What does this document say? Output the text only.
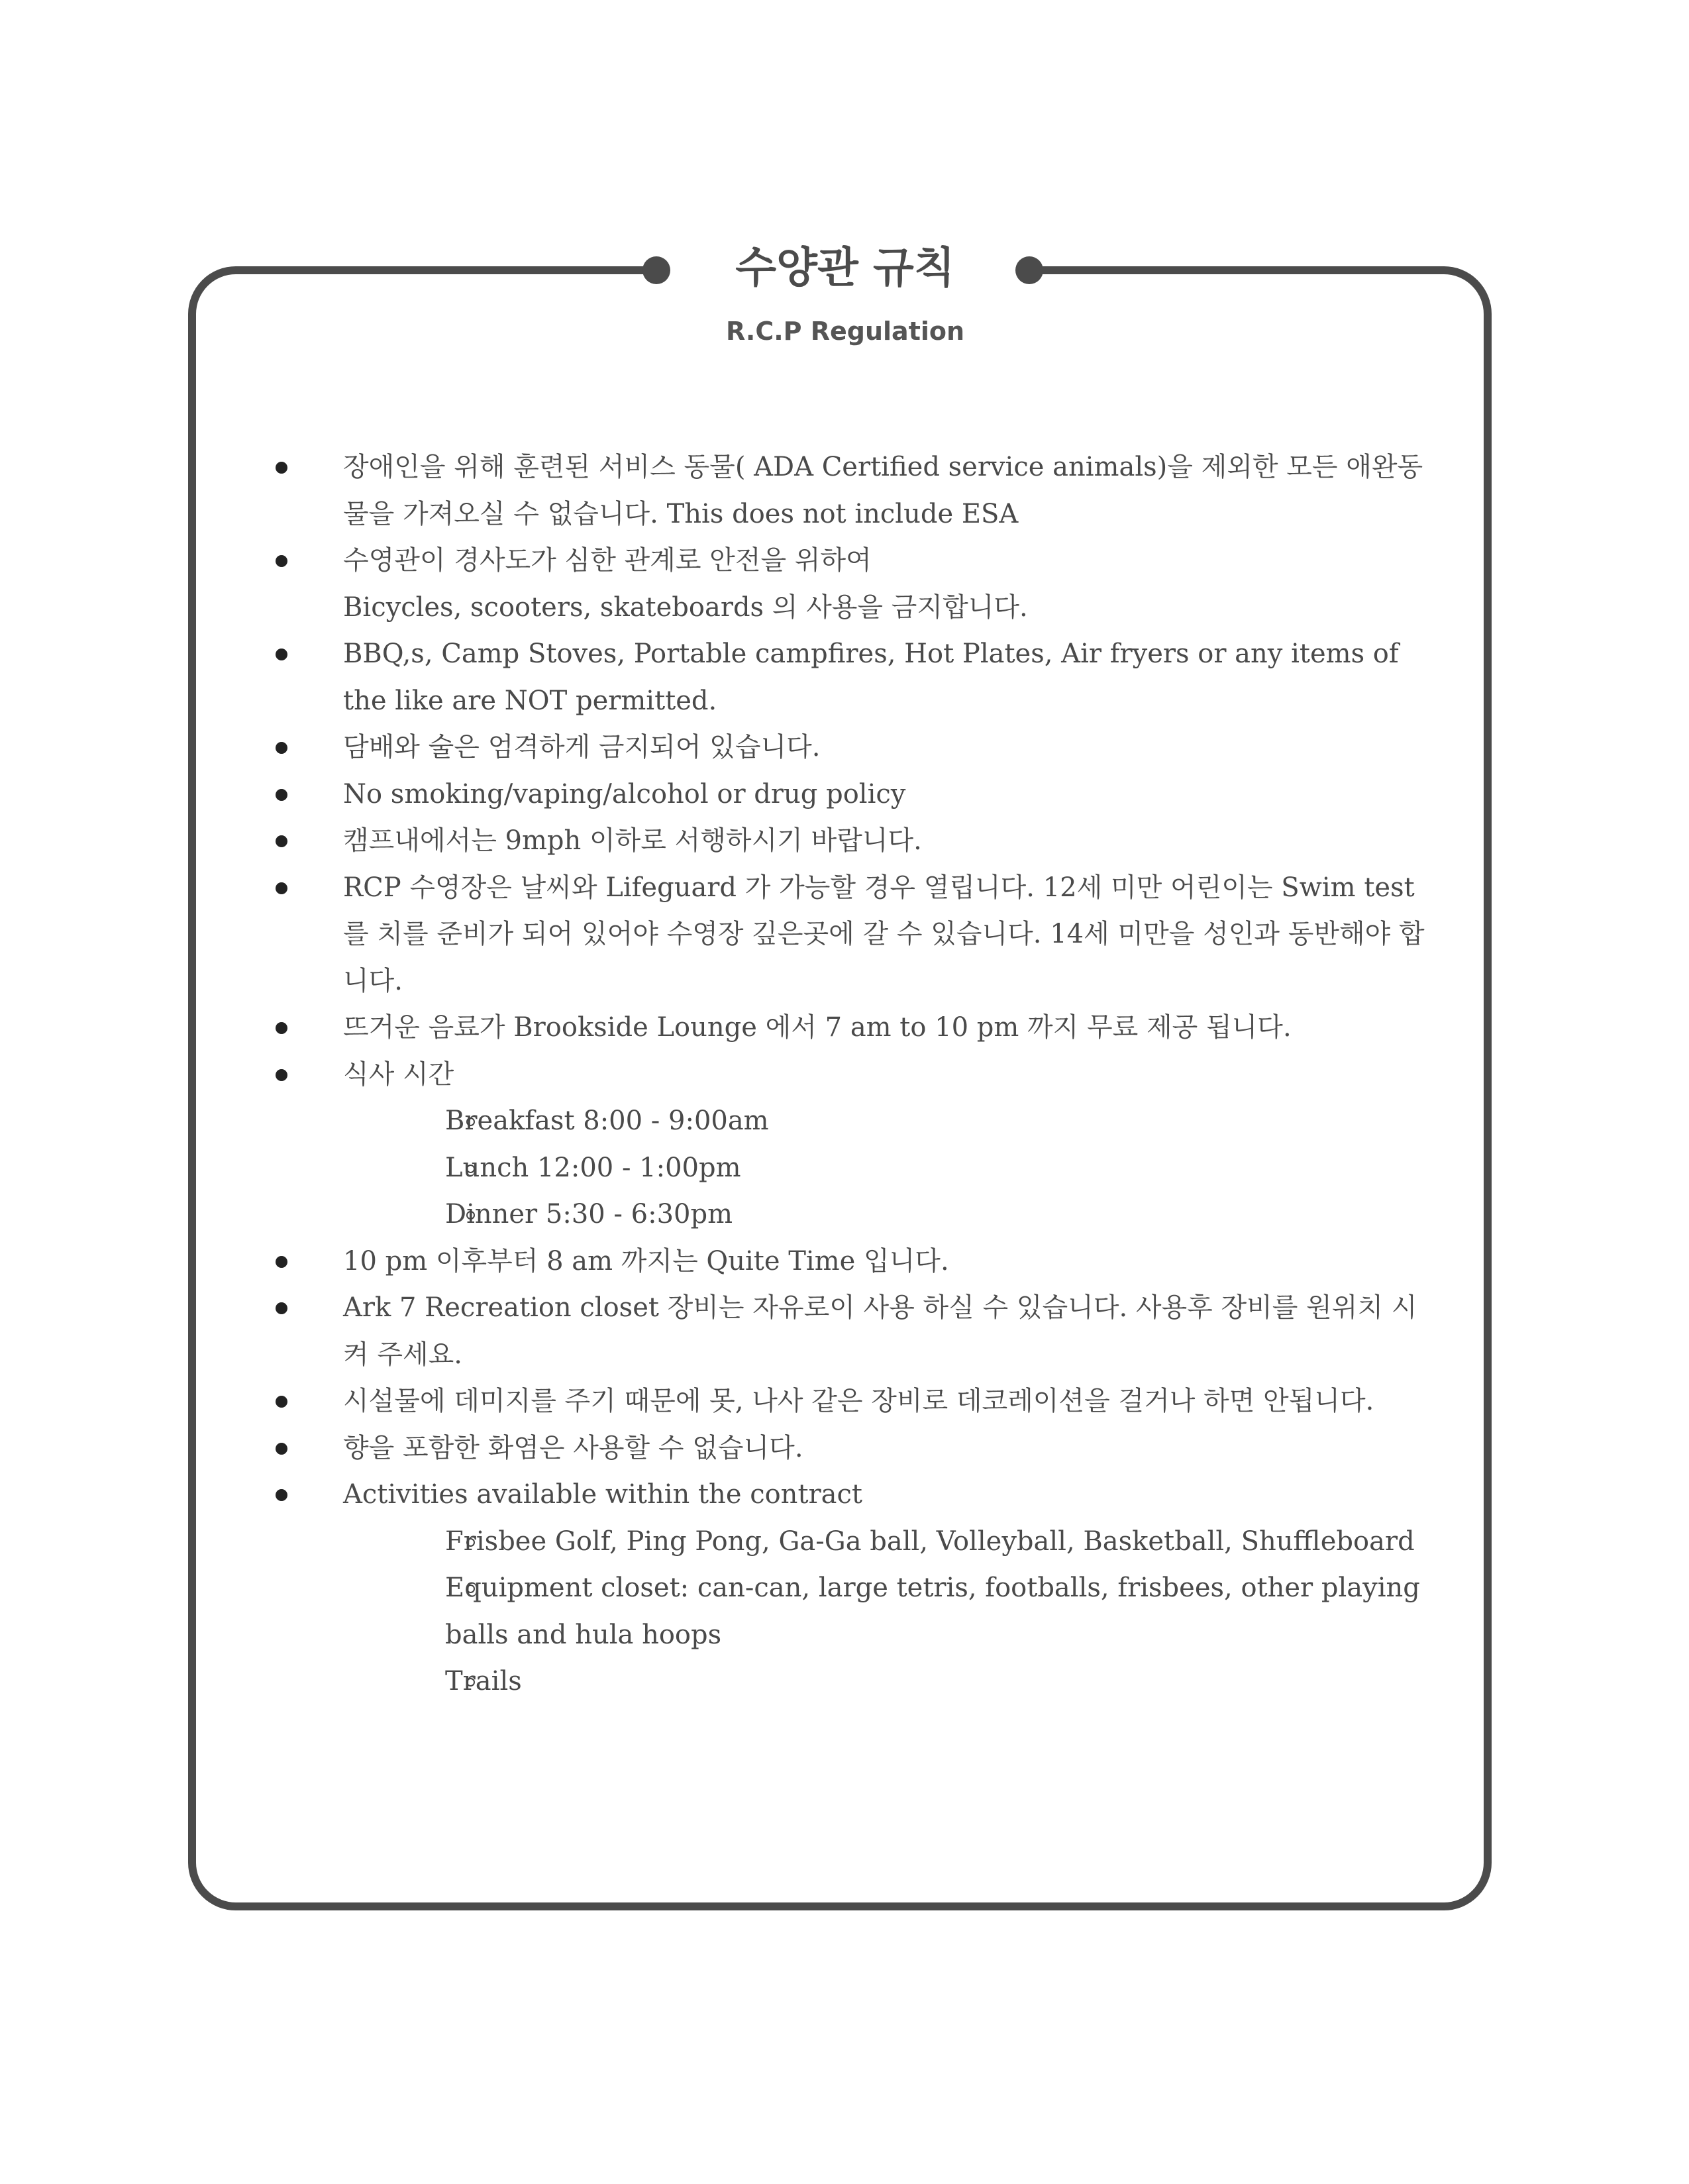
수양관 규칙
R.C.P Regulation
장애인을 위해 훈련된 서비스 동물( ADA Certified service animals)을 제외한 모든 애완동물을 가져오실 수 없습니다. This does not include ESA
수영관이 경사도가 심한 관계로 안전을 위하여
Bicycles, scooters, skateboards 의 사용을 금지합니다.
BBQ,s, Camp Stoves, Portable campfires, Hot Plates, Air fryers or any items of the like are NOT permitted.
담배와 술은 엄격하게 금지되어 있습니다.
No smoking/vaping/alcohol or drug policy
캠프내에서는 9mph 이하로 서행하시기 바랍니다.
RCP 수영장은 날씨와 Lifeguard 가 가능할 경우 열립니다. 12세 미만 어린이는 Swim test 를 치를 준비가 되어 있어야 수영장 깊은곳에 갈 수 있습니다. 14세 미만을 성인과 동반해야 합니다.
뜨거운 음료가 Brookside Lounge 에서 7 am to 10 pm 까지 무료 제공 됩니다.
식사 시간
Breakfast 8:00 - 9:00am
Lunch 12:00 - 1:00pm
Dinner 5:30 - 6:30pm
10 pm 이후부터 8 am 까지는 Quite Time 입니다.
Ark 7 Recreation closet 장비는 자유로이 사용 하실 수 있습니다. 사용후 장비를 원위치 시켜 주세요.
시설물에 데미지를 주기 때문에 못, 나사 같은 장비로 데코레이션을 걸거나 하면 안됩니다.
향을 포함한 화염은 사용할 수 없습니다.
Activities available within the contract
Frisbee Golf, Ping Pong, Ga-Ga ball, Volleyball, Basketball, Shuffleboard
Equipment closet: can-can, large tetris, footballs, frisbees, other playing balls and hula hoops
Trails
